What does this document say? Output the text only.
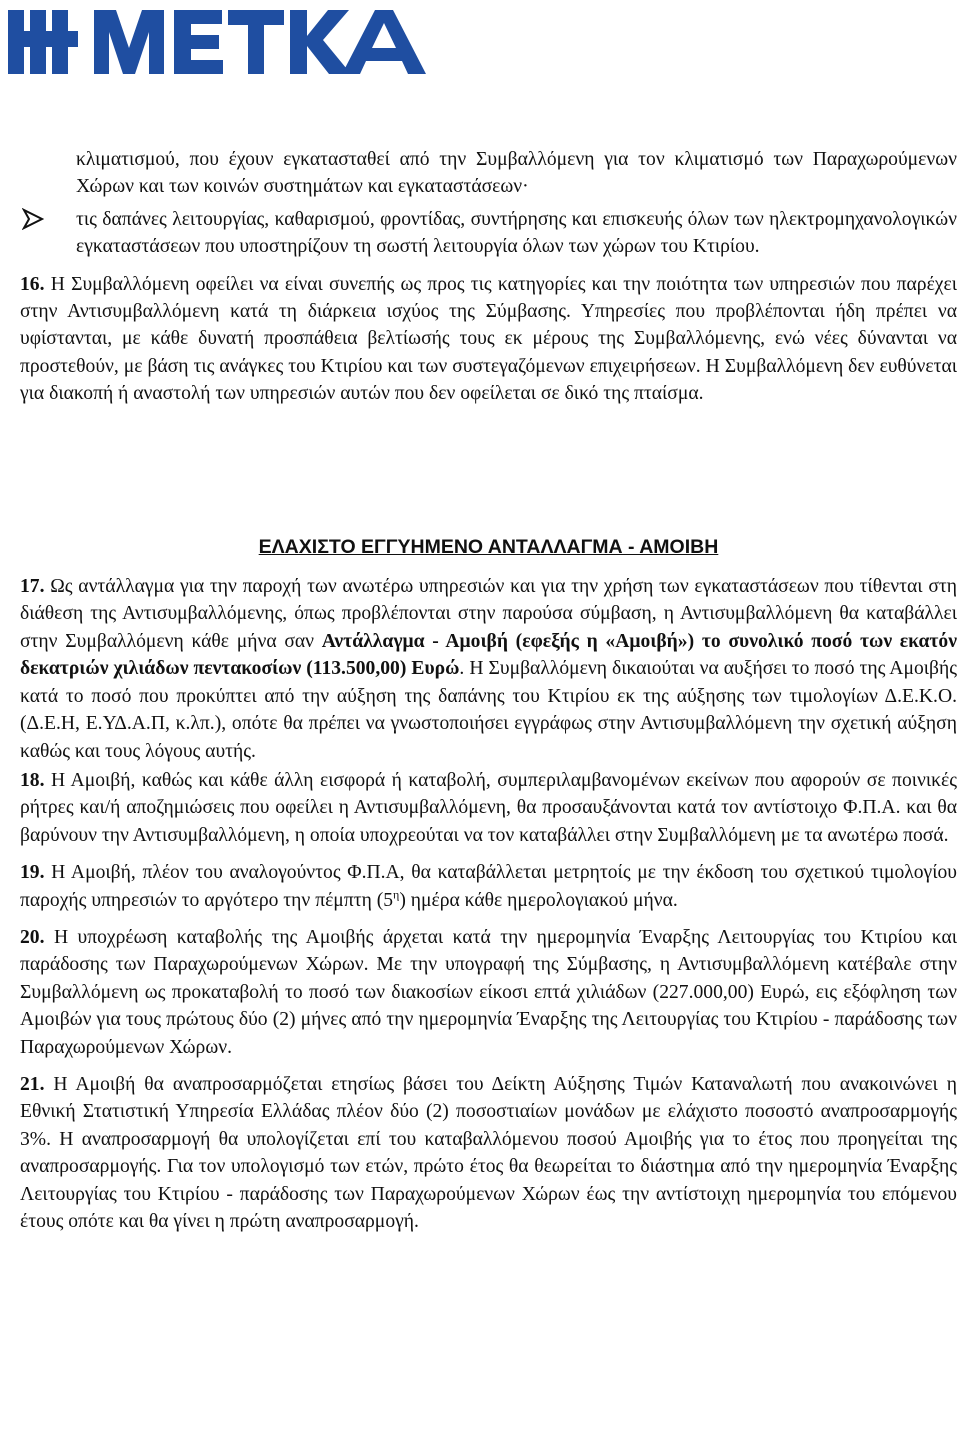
κλιματισμού, που έχουν εγκατασταθεί από την Συμβαλλόμενη για τον κλιματισμό των Παραχωρούμενων Χώρων και των κοινών συστημάτων και εγκαταστάσεων·

τις δαπάνες λειτουργίας, καθαρισμού, φροντίδας, συντήρησης και επισκευής όλων των ηλεκτρομηχανολογικών εγκαταστάσεων που υποστηρίζουν τη σωστή λειτουργία όλων των χώρων του Κτιρίου.

16. Η Συμβαλλόμενη οφείλει να είναι συνεπής ως προς τις κατηγορίες και την ποιότητα των υπηρεσιών που παρέχει στην Αντισυμβαλλόμενη κατά τη διάρκεια ισχύος της Σύμβασης. Υπηρεσίες που προβλέπονται ήδη πρέπει να υφίστανται, με κάθε δυνατή προσπάθεια βελτίωσής τους εκ μέρους της Συμβαλλόμενης, ενώ νέες δύνανται να προστεθούν, με βάση τις ανάγκες του Κτιρίου και των συστεγαζόμενων επιχειρήσεων. Η Συμβαλλόμενη δεν ευθύνεται για διακοπή ή αναστολή των υπηρεσιών αυτών που δεν οφείλεται σε δικό της πταίσμα.

ΕΛΑΧΙΣΤΟ ΕΓΓΥΗΜΕΝΟ ΑΝΤΑΛΛΑΓΜΑ - ΑΜΟΙΒΗ

17. Ως αντάλλαγμα για την παροχή των ανωτέρω υπηρεσιών και για την χρήση των εγκαταστάσεων που τίθενται στη διάθεση της Αντισυμβαλλόμενης, όπως προβλέπονται στην παρούσα σύμβαση, η Αντισυμβαλλόμενη θα καταβάλλει στην Συμβαλλόμενη κάθε μήνα σαν Αντάλλαγμα - Αμοιβή (εφεξής η «Αμοιβή») το συνολικό ποσό των εκατόν δεκατριών χιλιάδων πεντακοσίων (113.500,00) Ευρώ. Η Συμβαλλόμενη δικαιούται να αυξήσει το ποσό της Αμοιβής κατά το ποσό που προκύπτει από την αύξηση της δαπάνης του Κτιρίου εκ της αύξησης των τιμολογίων Δ.Ε.Κ.Ο. (Δ.Ε.Η, Ε.ΥΔ.Α.Π, κ.λπ.), οπότε θα πρέπει να γνωστοποιήσει εγγράφως στην Αντισυμβαλλόμενη την σχετική αύξηση καθώς και τους λόγους αυτής.

18. Η Αμοιβή, καθώς και κάθε άλλη εισφορά ή καταβολή, συμπεριλαμβανομένων εκείνων που αφορούν σε ποινικές ρήτρες και/ή αποζημιώσεις που οφείλει η Αντισυμβαλλόμενη, θα προσαυξάνονται κατά τον αντίστοιχο Φ.Π.Α. και θα βαρύνουν την Αντισυμβαλλόμενη, η οποία υποχρεούται να τον καταβάλλει στην Συμβαλλόμενη με τα ανωτέρω ποσά.

19. Η Αμοιβή, πλέον του αναλογούντος Φ.Π.Α, θα καταβάλλεται μετρητοίς με την έκδοση του σχετικού τιμολογίου παροχής υπηρεσιών το αργότερο την πέμπτη $(5^\eta)$ ημέρα κάθε ημερολογιακού μήνα.

20. Η υποχρέωση καταβολής της Αμοιβής άρχεται κατά την ημερομηνία Έναρξης Λειτουργίας του Κτιρίου και παράδοσης των Παραχωρούμενων Χώρων. Με την υπογραφή της Σύμβασης, η Αντισυμβαλλόμενη κατέβαλε στην Συμβαλλόμενη ως προκαταβολή το ποσό των διακοσίων είκοσι επτά χιλιάδων (227.000,00) Ευρώ, εις εξόφληση των Αμοιβών για τους πρώτους δύο (2) μήνες από την ημερομηνία Έναρξης της Λειτουργίας του Κτιρίου - παράδοσης των Παραχωρούμενων Χώρων.

21. Η Αμοιβή θα αναπροσαρμόζεται ετησίως βάσει του Δείκτη Αύξησης Τιμών Καταναλωτή που ανακοινώνει η Εθνική Στατιστική Υπηρεσία Ελλάδας πλέον δύο (2) ποσοστιαίων μονάδων με ελάχιστο ποσοστό αναπροσαρμογής 3%. Η αναπροσαρμογή θα υπολογίζεται επί του καταβαλλόμενου ποσού Αμοιβής για το έτος που προηγείται της αναπροσαρμογής. Για τον υπολογισμό των ετών, πρώτο έτος θα θεωρείται το διάστημα από την ημερομηνία Έναρξης Λειτουργίας του Κτιρίου - παράδοσης των Παραχωρούμενων Χώρων έως την αντίστοιχη ημερομηνία του επόμενου έτους οπότε και θα γίνει η πρώτη αναπροσαρμογή.
